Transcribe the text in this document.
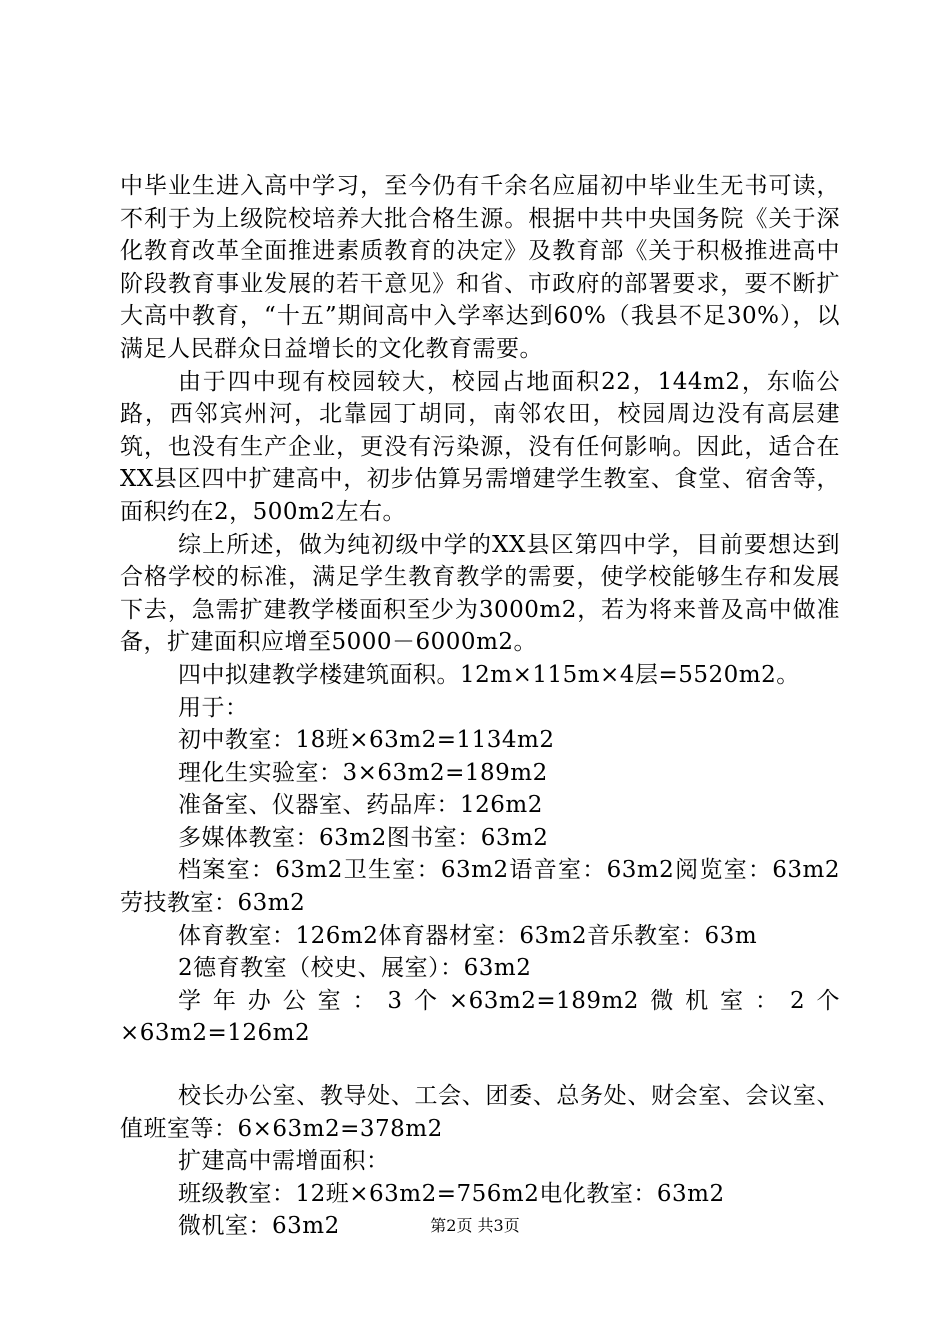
中毕业生进入高中学习，至今仍有千余名应届初中毕业生无书可读，不利于为上级院校培养大批合格生源。根据中共中央国务院《关于深化教育改革全面推进素质教育的决定》及教育部《关于积极推进高中阶段教育事业发展的若干意见》和省、市政府的部署要求，要不断扩大高中教育，“十五”期间高中入学率达到60%（我县不足30%），以满足人民群众日益增长的文化教育需要。

由于四中现有校园较大，校园占地面积22，144m2，东临公路，西邻宾州河，北靠园丁胡同，南邻农田，校园周边没有高层建筑，也没有生产企业，更没有污染源，没有任何影响。因此，适合在XX县区四中扩建高中，初步估算另需增建学生教室、食堂、宿舍等，面积约在2，500m2左右。

综上所述，做为纯初级中学的XX县区第四中学，目前要想达到合格学校的标准，满足学生教育教学的需要，使学校能够生存和发展下去，急需扩建教学楼面积至少为3000m2，若为将来普及高中做准备，扩建面积应增至5000－6000m2。

四中拟建教学楼建筑面积。12m×115m×4层=5520m2。

用于：

初中教室：18班×63m2=1134m2

理化生实验室：3×63m2=189m2

准备室、仪器室、药品库：126m2

多媒体教室：63m2图书室：63m2

档案室：63m2卫生室：63m2语音室：63m2阅览室：63m2劳技教室：63m2

体育教室：126m2体育器材室：63m2音乐教室：63m

2德育教室（校史、展室）：63m2

学年办公室：3个×63m2=189m2微机室：2个×63m2=126m2

校长办公室、教导处、工会、团委、总务处、财会室、会议室、值班室等：6×63m2=378m2

扩建高中需增面积：

班级教室：12班×63m2=756m2电化教室：63m2

微机室：63m2	第2页 共3页
